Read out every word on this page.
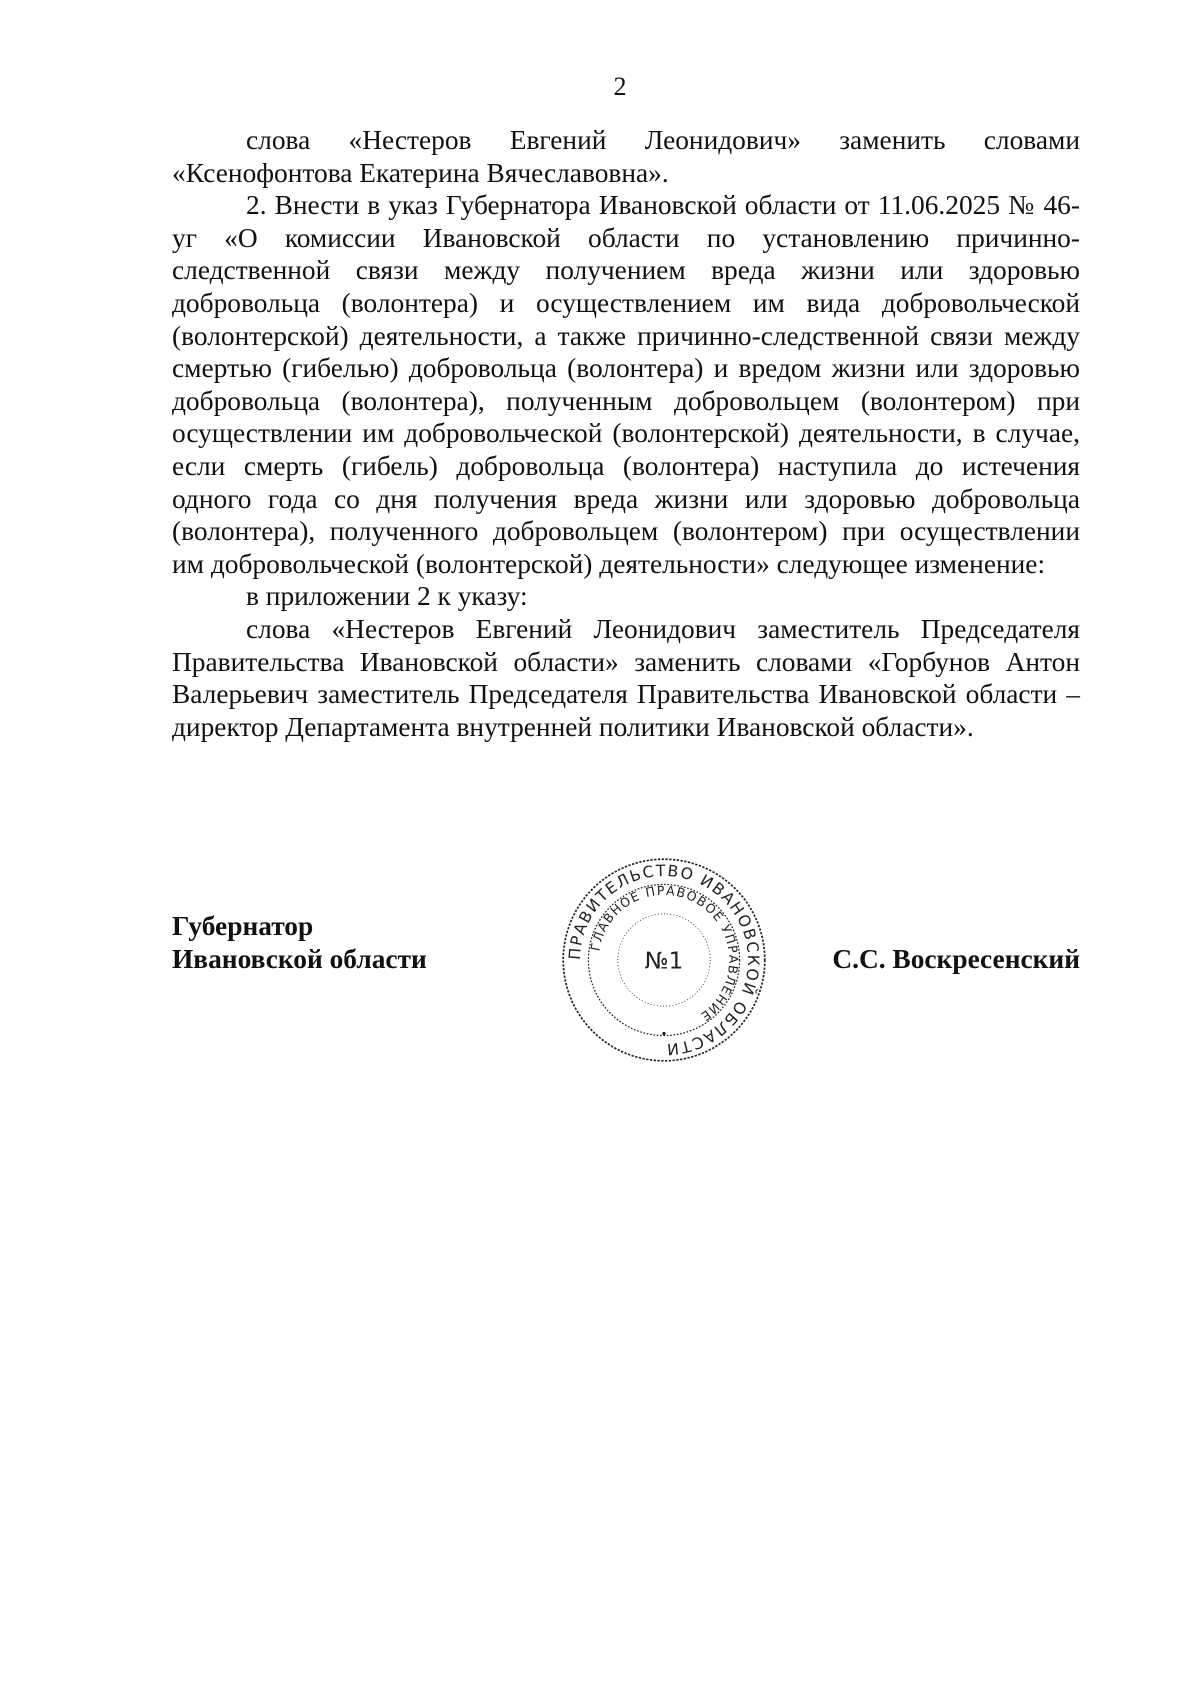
2

слова «Нестеров Евгений Леонидович» заменить словами «Ксенофонтова Екатерина Вячеславовна».

2. Внести в указ Губернатора Ивановской области от 11.06.2025 № 46-уг «О комиссии Ивановской области по установлению причинно-следственной связи между получением вреда жизни или здоровью добровольца (волонтера) и осуществлением им вида добровольческой (волонтерской) деятельности, а также причинно-следственной связи между смертью (гибелью) добровольца (волонтера) и вредом жизни или здоровью добровольца (волонтера), полученным добровольцем (волонтером) при осуществлении им добровольческой (волонтерской) деятельности, в случае, если смерть (гибель) добровольца (волонтера) наступила до истечения одного года со дня получения вреда жизни или здоровью добровольца (волонтера), полученного добровольцем (волонтером) при осуществлении им добровольческой (волонтерской) деятельности» следующее изменение:

в приложении 2 к указу:

слова «Нестеров Евгений Леонидович заместитель Председателя Правительства Ивановской области» заменить словами «Горбунов Антон Валерьевич заместитель Председателя Правительства Ивановской области – директор Департамента внутренней политики Ивановской области».

Губернатор
Ивановской области	С.С. Воскресенский
ПРАВИТЕЛЬСТВО ИВАНОВСКОЙ ОБЛАСТИ
ГЛАВНОЕ ПРАВОВОЕ УПРАВЛЕНИЕ
№1
